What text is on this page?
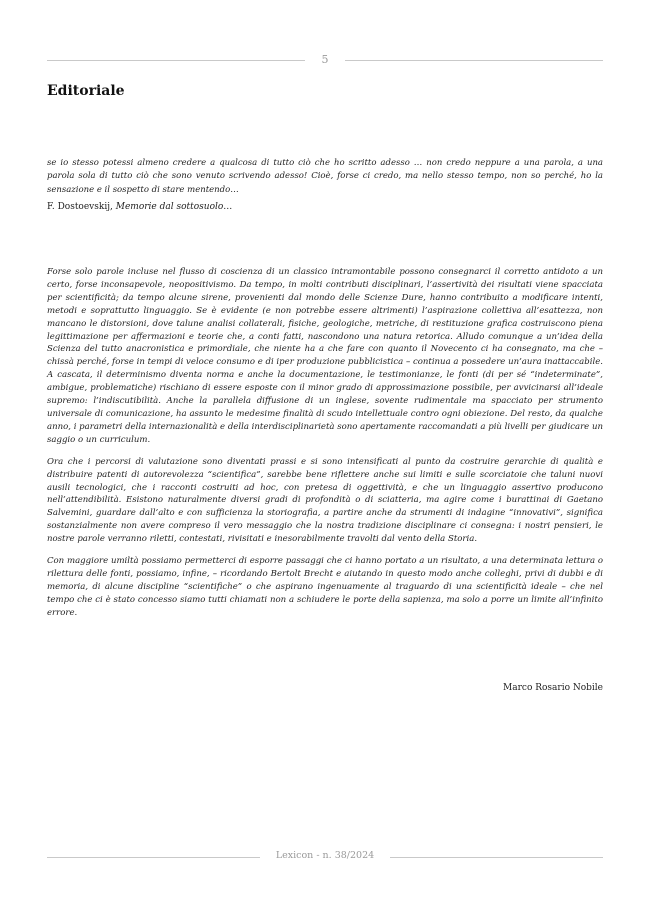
5
Editoriale
se io stesso potessi almeno credere a qualcosa di tutto ciò che ho scritto adesso … non credo neppure a una parola, a una parola sola di tutto ciò che sono venuto scrivendo adesso! Cioè, forse ci credo, ma nello stesso tempo, non so perché, ho la sensazione e il sospetto di stare mentendo…
F. Dostoevskij, Memorie dal sottosuolo…

Forse solo parole incluse nel flusso di coscienza di un classico intramontabile possono consegnarci il corretto antidoto a un certo, forse inconsapevole, neopositivismo. Da tempo, in molti contributi disciplinari, l’assertività dei risultati viene spacciata per scientificità; da tempo alcune sirene, provenienti dal mondo delle Scienze Dure, hanno contribuito a modificare intenti, metodi e soprattutto linguaggio. Se è evidente (e non potrebbe essere altrimenti) l’aspirazione collettiva all’esattezza, non mancano le distorsioni, dove talune analisi collaterali, fisiche, geologiche, metriche, di restituzione grafica costruiscono piena legittimazione per affermazioni e teorie che, a conti fatti, nascondono una natura retorica. Alludo comunque a un’idea della Scienza del tutto anacronistica e primordiale, che niente ha a che fare con quanto il Novecento ci ha consegnato, ma che – chissà perché, forse in tempi di veloce consumo e di iper produzione pubblicistica – continua a possedere un’aura inattaccabile. A cascata, il determinismo diventa norma e anche la documentazione, le testimonianze, le fonti (di per sé “indeterminate”, ambigue, problematiche) rischiano di essere esposte con il minor grado di approssimazione possibile, per avvicinarsi all’ideale supremo: l’indiscutibilità. Anche la parallela diffusione di un inglese, sovente rudimentale ma spacciato per strumento universale di comunicazione, ha assunto le medesime finalità di scudo intellettuale contro ogni obiezione. Del resto, da qualche anno, i parametri della internazionalità e della interdisciplinarietà sono apertamente raccomandati a più livelli per giudicare un saggio o un curriculum.

Ora che i percorsi di valutazione sono diventati prassi e si sono intensificati al punto da costruire gerarchie di qualità e distribuire patenti di autorevolezza “scientifica”, sarebbe bene riflettere anche sui limiti e sulle scorciatoie che taluni nuovi ausili tecnologici, che i racconti costruiti ad hoc, con pretesa di oggettività, e che un linguaggio assertivo producono nell’attendibilità. Esistono naturalmente diversi gradi di profondità o di sciatteria, ma agire come i burattinai di Gaetano Salvemini, guardare dall’alto e con sufficienza la storiografia, a partire anche da strumenti di indagine “innovativi”, significa sostanzialmente non avere compreso il vero messaggio che la nostra tradizione disciplinare ci consegna: i nostri pensieri, le nostre parole verranno riletti, contestati, rivisitati e inesorabilmente travolti dal vento della Storia.

Con maggiore umiltà possiamo permetterci di esporre passaggi che ci hanno portato a un risultato, a una determinata lettura o rilettura delle fonti, possiamo, infine, – ricordando Bertolt Brecht e aiutando in questo modo anche colleghi, privi di dubbi e di memoria, di alcune discipline “scientifiche” o che aspirano ingenuamente al traguardo di una scientificità ideale – che nel tempo che ci è stato concesso siamo tutti chiamati non a schiudere le porte della sapienza, ma solo a porre un limite all’infinito errore.

Marco Rosario Nobile
Lexicon - n. 38/2024
